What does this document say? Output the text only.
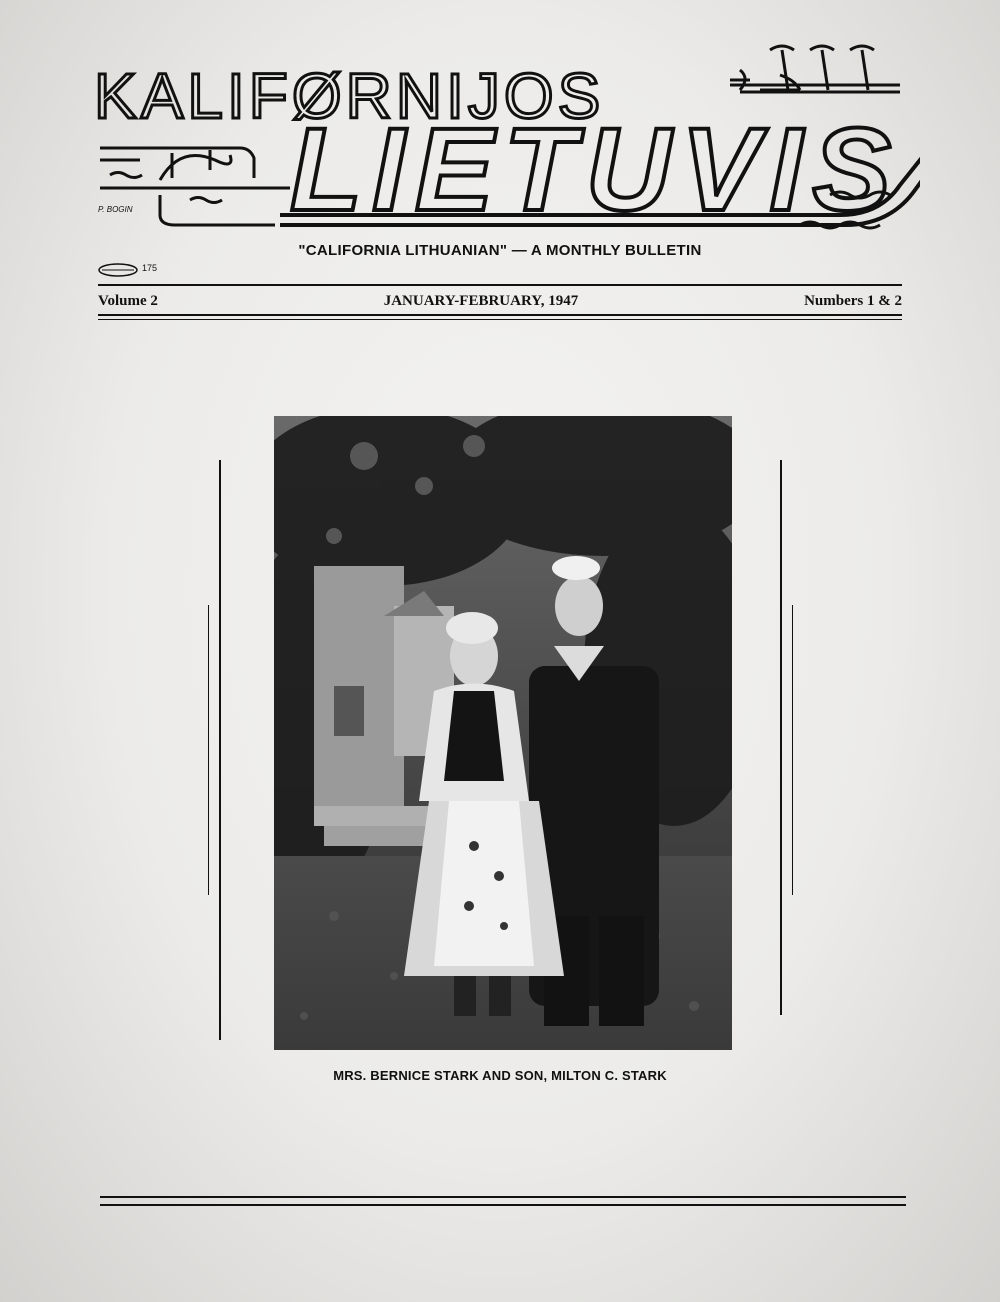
KALIFØRNIJOS
LIETUVIS
P. BOGIN
"CALIFORNIA LITHUANIAN" — A MONTHLY BULLETIN
175
Volume 2	JANUARY-FEBRUARY, 1947	Numbers 1 & 2
MRS. BERNICE STARK AND SON, MILTON C. STARK
